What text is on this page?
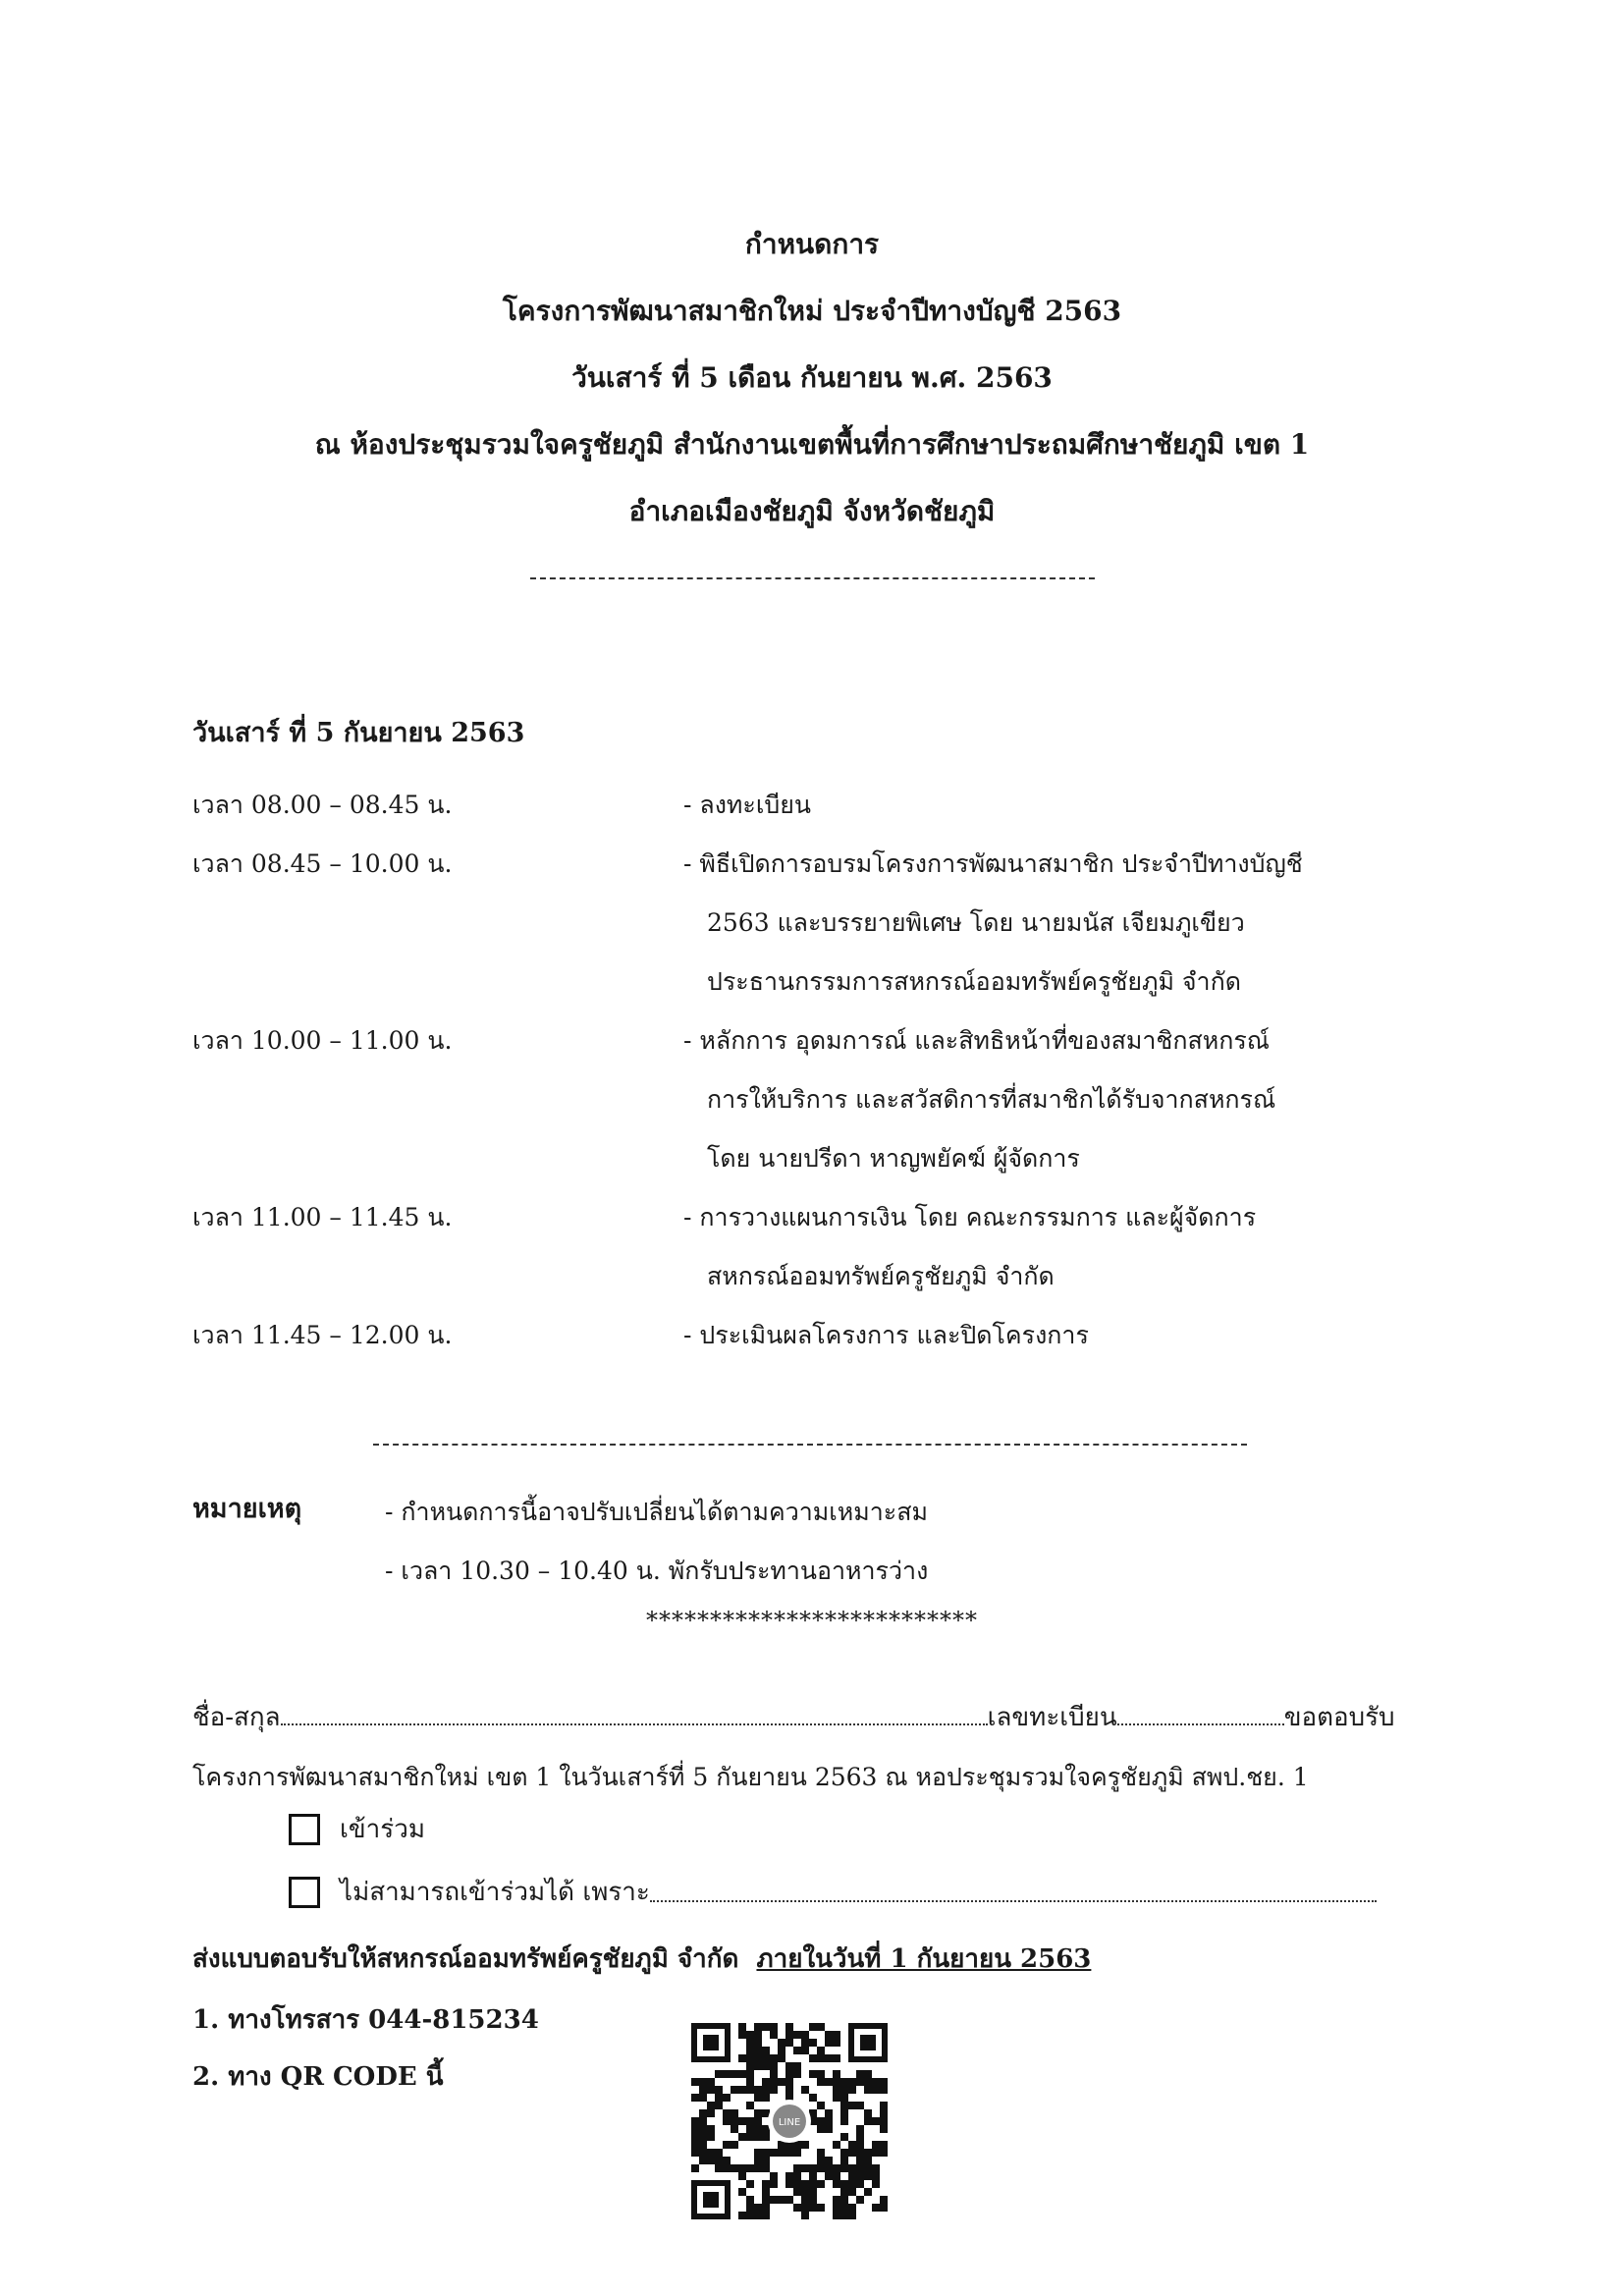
กำหนดการ
โครงการพัฒนาสมาชิกใหม่ ประจำปีทางบัญชี 2563
วันเสาร์ ที่ 5 เดือน กันยายน พ.ศ. 2563
ณ ห้องประชุมรวมใจครูชัยภูมิ สำนักงานเขตพื้นที่การศึกษาประถมศึกษาชัยภูมิ เขต 1
อำเภอเมืองชัยภูมิ จังหวัดชัยภูมิ
วันเสาร์ ที่ 5 กันยายน 2563
เวลา 08.00 – 08.45 น.	- ลงทะเบียน
เวลา 08.45 – 10.00 น.	- พิธีเปิดการอบรมโครงการพัฒนาสมาชิก ประจำปีทางบัญชี
2563 และบรรยายพิเศษ โดย นายมนัส เจียมภูเขียว
ประธานกรรมการสหกรณ์ออมทรัพย์ครูชัยภูมิ จำกัด
เวลา 10.00 – 11.00 น.	- หลักการ อุดมการณ์ และสิทธิหน้าที่ของสมาชิกสหกรณ์
การให้บริการ และสวัสดิการที่สมาชิกได้รับจากสหกรณ์
โดย นายปรีดา หาญพยัคฆ์ ผู้จัดการ
เวลา 11.00 – 11.45 น.	- การวางแผนการเงิน โดย คณะกรรมการ และผู้จัดการ
สหกรณ์ออมทรัพย์ครูชัยภูมิ จำกัด
เวลา 11.45 – 12.00 น.	- ประเมินผลโครงการ และปิดโครงการ
หมายเหตุ	- กำหนดการนี้อาจปรับเปลี่ยนได้ตามความเหมาะสม
- เวลา 10.30 – 10.40 น. พักรับประทานอาหารว่าง
**************************
ชื่อ-สกุล	เลขทะเบียน	ขอตอบรับ
โครงการพัฒนาสมาชิกใหม่ เขต 1 ในวันเสาร์ที่ 5 กันยายน 2563 ณ หอประชุมรวมใจครูชัยภูมิ สพป.ชย. 1
เข้าร่วม
ไม่สามารถเข้าร่วมได้ เพราะ
ส่งแบบตอบรับให้สหกรณ์ออมทรัพย์ครูชัยภูมิ จำกัด ภายในวันที่ 1 กันยายน 2563
1. ทางโทรสาร 044-815234
2. ทาง QR CODE นี้
LINE
